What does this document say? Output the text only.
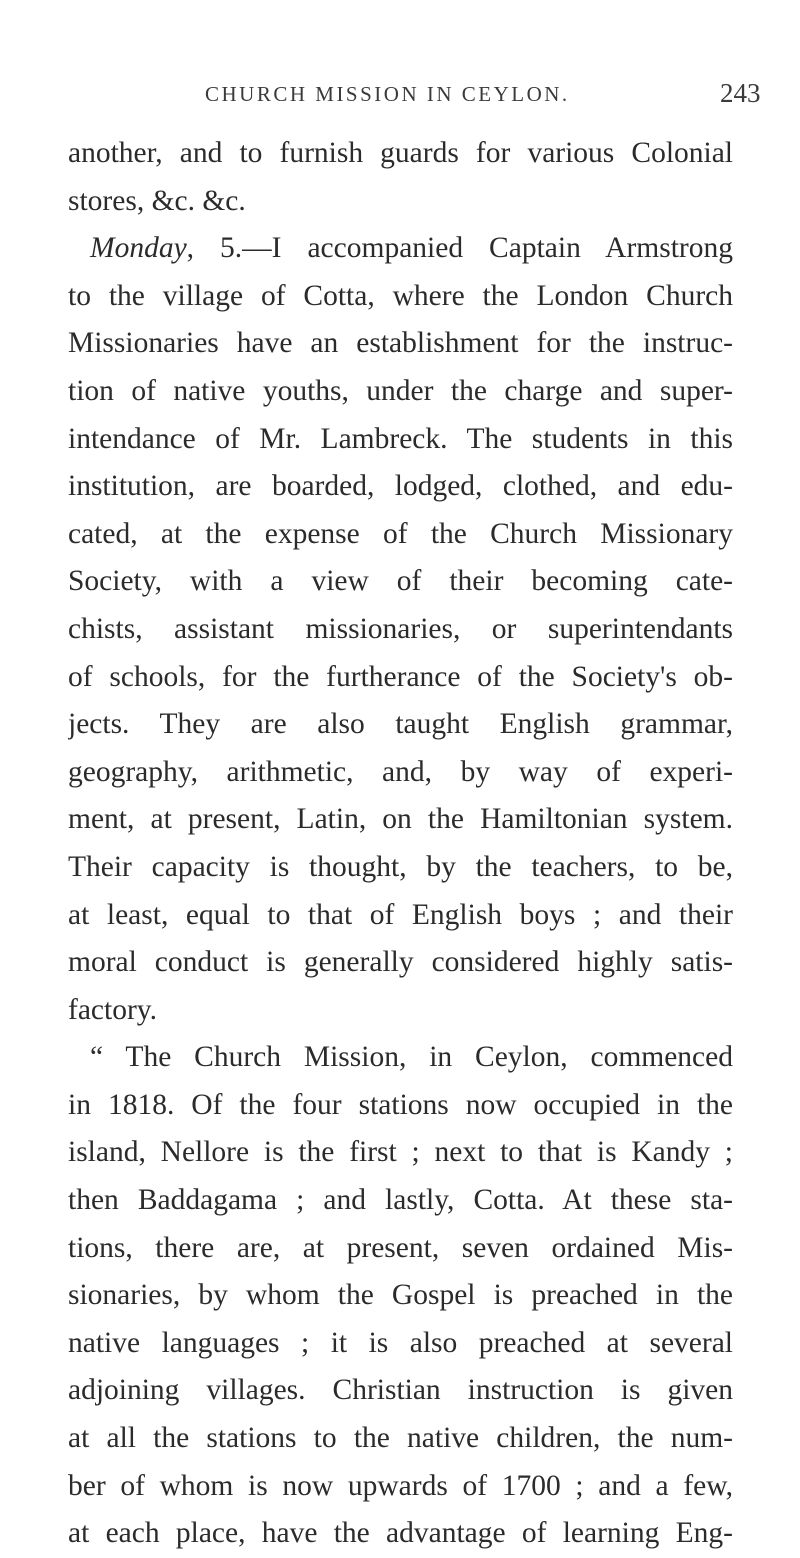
CHURCH MISSION IN CEYLON.	243
another, and to furnish guards for various Colonial
stores, &c. &c.
Monday, 5.—I accompanied Captain Armstrong
to the village of Cotta, where the London Church
Missionaries have an establishment for the instruc-
tion of native youths, under the charge and super-
intendance of Mr. Lambreck. The students in this
institution, are boarded, lodged, clothed, and edu-
cated, at the expense of the Church Missionary
Society, with a view of their becoming cate-
chists, assistant missionaries, or superintendants
of schools, for the furtherance of the Society's ob-
jects. They are also taught English grammar,
geography, arithmetic, and, by way of experi-
ment, at present, Latin, on the Hamiltonian system.
Their capacity is thought, by the teachers, to be,
at least, equal to that of English boys ; and their
moral conduct is generally considered highly satis-
factory.
“ The Church Mission, in Ceylon, commenced
in 1818. Of the four stations now occupied in the
island, Nellore is the first ; next to that is Kandy ;
then Baddagama ; and lastly, Cotta. At these sta-
tions, there are, at present, seven ordained Mis-
sionaries, by whom the Gospel is preached in the
native languages ; it is also preached at several
adjoining villages. Christian instruction is given
at all the stations to the native children, the num-
ber of whom is now upwards of 1700 ; and a few,
at each place, have the advantage of learning Eng-
